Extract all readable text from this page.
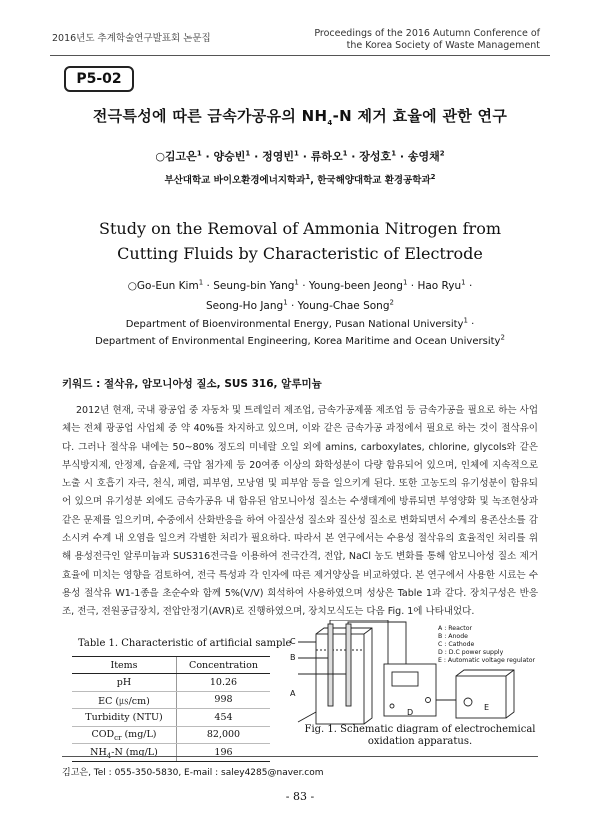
2016년도 추계학술연구발표회 논문집	Proceedings of the 2016 Autumn Conference of
the Korea Society of Waste Management
P5-02
전극특성에 따른 금속가공유의 $NH_4-N$ 제거 효율에 관한 연구
○김고은$^1$ · 양승빈$^1$ · 정영빈$^1$ · 류하오$^1$ · 장성호$^1$ · 송영채$^2$
부산대학교 바이오환경에너지학과$^1$, 한국해양대학교 환경공학과$^2$
Study on the Removal of Ammonia Nitrogen from
Cutting Fluids by Characteristic of Electrode
○Go-Eun Kim$^1$ · Seung-bin Yang$^1$ · Young-been Jeong$^1$ · Hao Ryu$^1$ ·
Seong-Ho Jang$^1$ · Young-Chae Song$^2$
Department of Bioenvironmental Energy, Pusan National University$^1$ ·
Department of Environmental Engineering, Korea Maritime and Ocean University$^2$
키워드 : 절삭유, 암모니아성 질소, SUS 316, 알루미늄
2012년 현재, 국내 광공업 중 자동차 및 트레일러 제조업, 금속가공제품 제조업 등 금속가공을 필요로 하는 사업체는 전체 광공업 사업체 중 약 40%를 차지하고 있으며, 이와 같은 금속가공 과정에서 필요로 하는 것이 절삭유이다. 그러나 절삭유 내에는 50~80% 정도의 미네랄 오일 외에 amins, carboxylates, chlorine, glycols와 같은 부식방지제, 안정제, 습윤제, 극압 첨가제 등 20여종 이상의 화학성분이 다량 함유되어 있으며, 인체에 지속적으로 노출 시 호흡기 자극, 천식, 폐렴, 피부염, 모낭염 및 피부암 등을 일으키게 된다. 또한 고농도의 유기성분이 함유되어 있으며 유기성분 외에도 금속가공유 내 함유된 암모니아성 질소는 수생태계에 방류되면 부영양화 및 녹조현상과 같은 문제를 일으키며, 수중에서 산화반응을 하여 아질산성 질소와 질산성 질소로 변화되면서 수계의 용존산소를 감소시켜 수계 내 오염을 일으켜 각별한 처리가 필요하다. 따라서 본 연구에서는 수용성 절삭유의 효율적인 처리를 위해 용성전극인 알루미늄과 SUS316전극을 이용하여 전극간격, 전압, NaCl 농도 변화를 통해 암모니아성 질소 제거 효율에 미치는 영향을 검토하여, 전극 특성과 각 인자에 따른 제거양상을 비교하였다. 본 연구에서 사용한 시료는 수용성 절삭유 W1-1종을 초순수와 함께 5%(V/V) 희석하여 사용하였으며 성상은 Table 1과 같다. 장치구성은 반응조, 전극, 전원공급장치, 전압안정기(AVR)로 진행하였으며, 장치모식도는 다음 Fig. 1에 나타내었다.
Table 1. Characteristic of artificial sample
Items	Concentration
pH	10.26
EC (㎲/cm)	998
Turbidity (NTU)	454
$COD_{cr}$ (mg/L)	82,000
$NH_4-N$ (mg/L)	196
C
B
A
D
E
A : Reactor
B : Anode
C : Cathode
D : D.C power supply
E : Automatic voltage regulator
Fig. 1. Schematic diagram of electrochemical
oxidation apparatus.
김고은, Tel : 055-350-5830, E-mail : saley4285@naver.com
- 83 -
